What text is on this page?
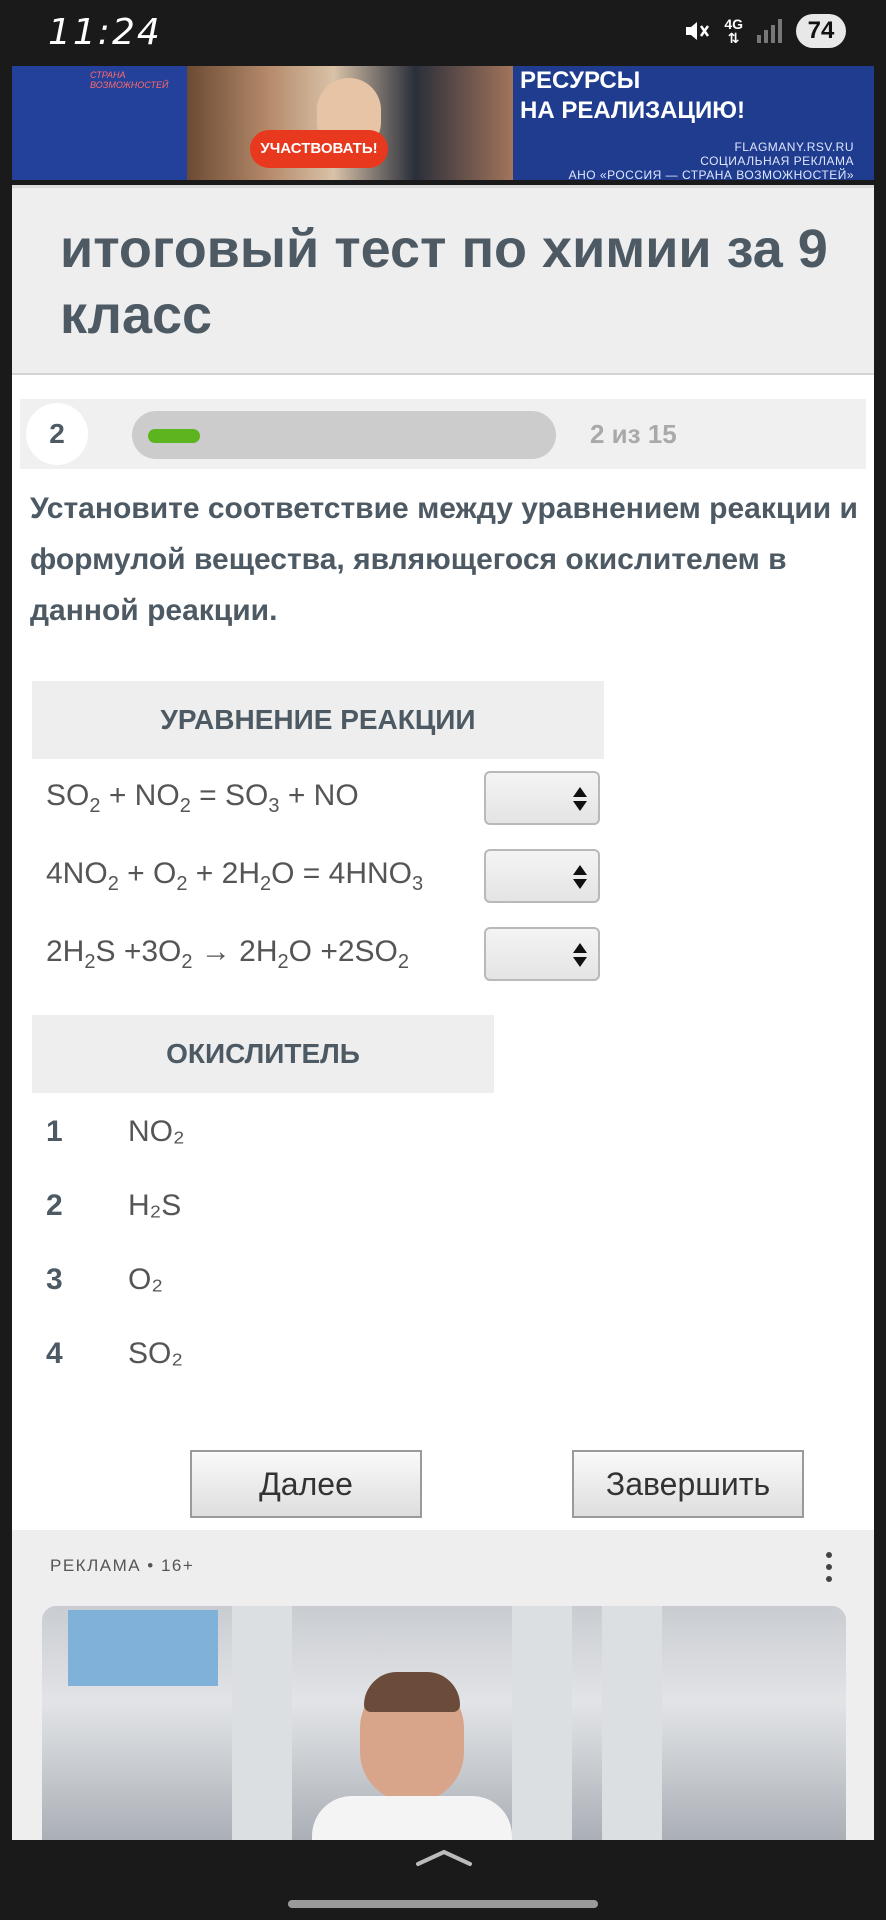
11:24	4G
⇅	74
СТРАНА ВОЗМОЖНОСТЕЙ
УЧАСТВОВАТЬ!
РЕСУРСЫ
НА РЕАЛИЗАЦИЮ!
FLAGMANY.RSV.RU
СОЦИАЛЬНАЯ РЕКЛАМА
АНО «РОССИЯ — СТРАНА ВОЗМОЖНОСТЕЙ»
итоговый тест по химии за 9 класс
2	2 из 15
Установите соответствие между уравнением реакции и формулой вещества, являющегося окислителем в данной реакции.
УРАВНЕНИЕ РЕАКЦИИ
$SO_2 + NO_2 = SO_3$ + NO
$4NO_2 + O_2 + 2H_2O = 4HNO_3$
$2H_2S +3O_2 \to 2H_2O +2SO_2$
ОКИСЛИТЕЛЬ
1 NO₂
2 H₂S
3 O₂
4 SO₂
Далее	Завершить
РЕКЛАМА • 16+
